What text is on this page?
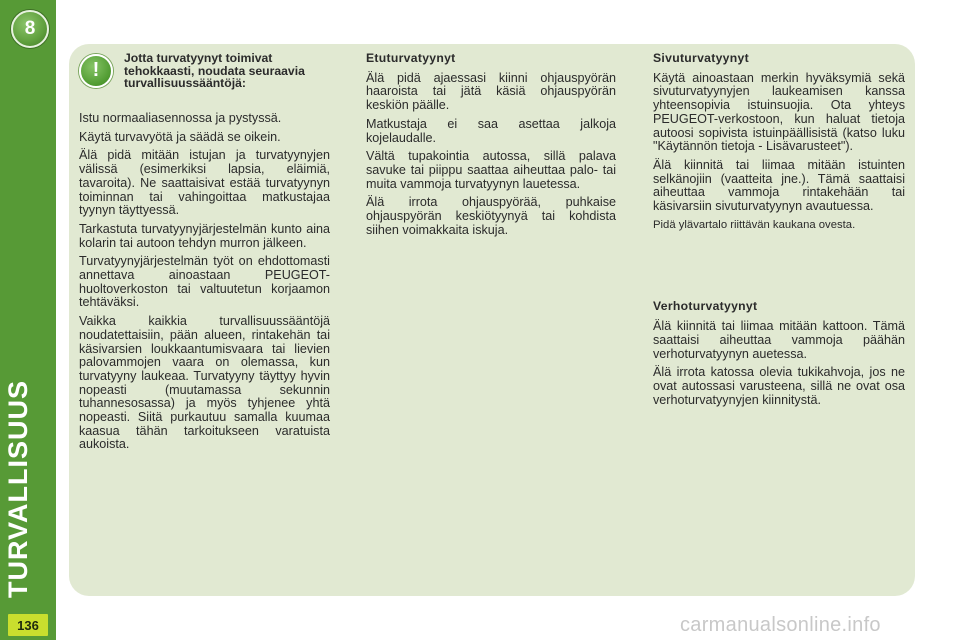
8
TURVALLISUUS
136
!
Jotta turvatyynyt toimivat tehokkaasti, noudata seuraavia turvallisuussääntöjä:

Istu normaaliasennossa ja pystyssä.

Käytä turvavyötä ja säädä se oikein.

Älä pidä mitään istujan ja turvatyynyjen välissä (esimerkiksi lapsia, eläimiä, tavaroita). Ne saattaisivat estää turvatyynyn toiminnan tai vahingoittaa matkustajaa tyynyn täyttyessä.

Tarkastuta turvatyynyjärjestelmän kunto aina kolarin tai autoon tehdyn murron jälkeen.

Turvatyynyjärjestelmän työt on ehdottomasti annettava ainoastaan PEUGEOT-huoltoverkoston tai valtuutetun korjaamon tehtäväksi.

Vaikka kaikkia turvallisuussääntöjä noudatettaisiin, pään alueen, rintakehän tai käsivarsien loukkaantumisvaara tai lievien palovammojen vaara on olemassa, kun turvatyyny laukeaa. Turvatyyny täyttyy hyvin nopeasti (muutamassa sekunnin tuhannesosassa) ja myös tyhjenee yhtä nopeasti. Siitä purkautuu samalla kuumaa kaasua tähän tarkoitukseen varatuista aukoista.

Etuturvatyynyt

Älä pidä ajaessasi kiinni ohjauspyörän haaroista tai jätä käsiä ohjauspyörän keskiön päälle.

Matkustaja ei saa asettaa jalkoja kojelaudalle.

Vältä tupakointia autossa, sillä palava savuke tai piippu saattaa aiheuttaa palo- tai muita vammoja turvatyynyn lauetessa.

Älä irrota ohjauspyörää, puhkaise ohjauspyörän keskiötyynyä tai kohdista siihen voimakkaita iskuja.

Sivuturvatyynyt

Käytä ainoastaan merkin hyväksymiä sekä sivuturvatyynyjen laukeamisen kanssa yhteensopivia istuinsuojia. Ota yhteys PEUGEOT-verkostoon, kun haluat tietoja autoosi sopivista istuinpäällisistä (katso luku "Käytännön tietoja - Lisävarusteet").

Älä kiinnitä tai liimaa mitään istuinten selkänojiin (vaatteita jne.). Tämä saattaisi aiheuttaa vammoja rintakehään tai käsivarsiin sivuturvatyynyn avautuessa.

Pidä ylävartalo riittävän kaukana ovesta.

Verhoturvatyynyt

Älä kiinnitä tai liimaa mitään kattoon. Tämä saattaisi aiheuttaa vammoja päähän verhoturvatyynyn auetessa.

Älä irrota katossa olevia tukikahvoja, jos ne ovat autossasi varusteena, sillä ne ovat osa verhoturvatyynyjen kiinnitystä.

carmanualsonline.info
